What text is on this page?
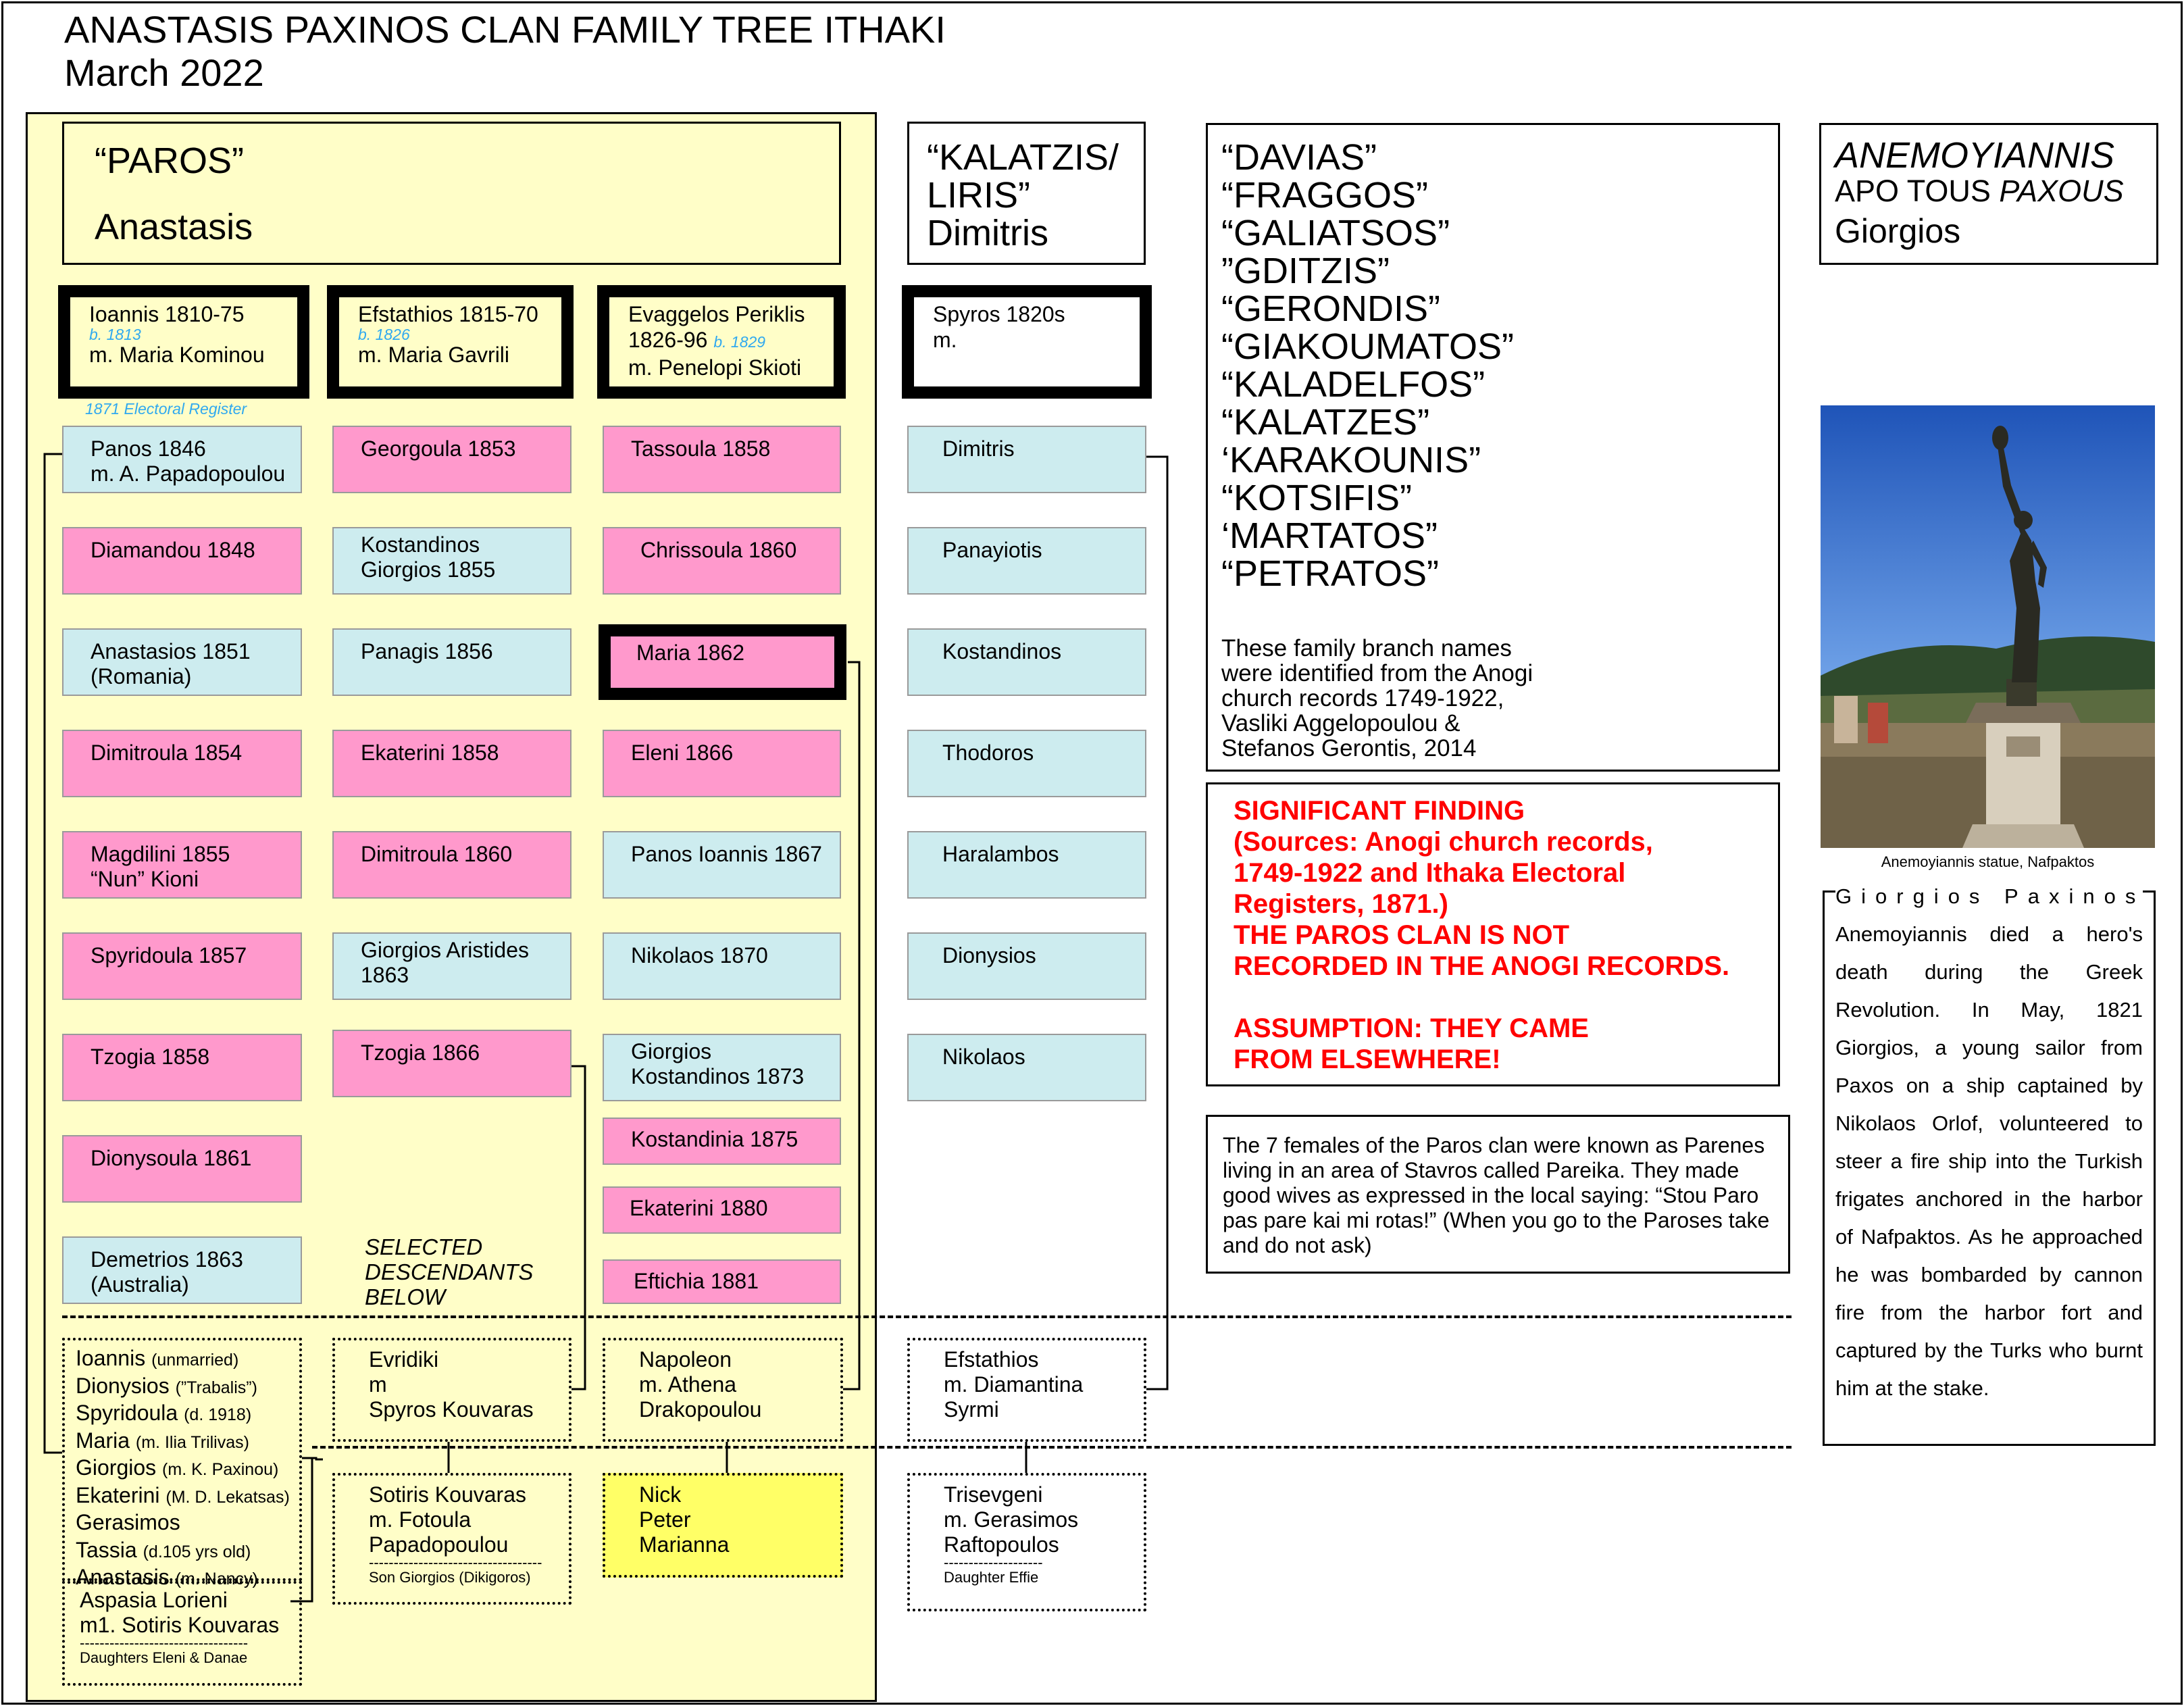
ANASTASIS PAXINOS CLAN FAMILY TREE ITHAKI
March 2022
“PAROS”
Anastasis
“KALATZIS/
LIRIS”
Dimitris
“DAVIAS”
“FRAGGOS”
“GALIATSOS”
”GDITZIS”
“GERONDIS”
“GIAKOUMATOS”
“KALADELFOS”
“KALATZES”
‘KARAKOUNIS”
“KOTSIFIS”
‘MARTATOS”
“PETRATOS”
These family branch names
were identified from the Anogi
church records 1749-1922,
Vasliki Aggelopoulou &
Stefanos Gerontis, 2014
ANEMOYIANNIS
APO TOUS PAXOUS
Giorgios
Ioannis 1810-75
b. 1813
m. Maria Kominou
Efstathios 1815-70
b. 1826
m. Maria Gavrili
Evaggelos Periklis
1826-96 b. 1829
m. Penelopi Skioti
Spyros 1820s
m.
1871 Electoral Register
Panos 1846
m. A. Papadopoulou
Diamandou 1848
Anastasios 1851
(Romania)
Dimitroula 1854
Magdilini 1855
“Nun” Kioni
Spyridoula 1857
Tzogia 1858
Dionysoula 1861
Demetrios 1863
(Australia)
Georgoula 1853
Kostandinos
Giorgios 1855
Panagis 1856
Ekaterini 1858
Dimitroula 1860
Giorgios Aristides
1863
Tzogia 1866
Tassoula 1858
Chrissoula 1860
Maria 1862
Eleni 1866
Panos Ioannis 1867
Nikolaos 1870
Giorgios
Kostandinos 1873
Kostandinia 1875
Ekaterini 1880
Eftichia 1881
Dimitris
Panayiotis
Kostandinos
Thodoros
Haralambos
Dionysios
Nikolaos
SELECTED
DESCENDANTS
BELOW
Ioannis (unmarried)
Dionysios (”Trabalis”)
Spyridoula (d. 1918)
Maria (m. Ilia Trilivas)
Giorgios (m. K. Paxinou)
Ekaterini (M. D. Lekatsas)
Gerasimos
Tassia (d.105 yrs old)
Anastasis (m. Nancy)
Aspasia Lorieni
m1. Sotiris Kouvaras
----------------------------------
Daughters Eleni & Danae
Evridiki
m
Spyros Kouvaras
Napoleon
m. Athena
Drakopoulou
Efstathios
m. Diamantina
Syrmi
Sotiris Kouvaras
m. Fotoula
Papadopoulou
-----------------------------------
Son Giorgios (Dikigoros)
Nick
Peter
Marianna
Trisevgeni
m. Gerasimos
Raftopoulos
--------------------
Daughter Effie
SIGNIFICANT FINDING
(Sources: Anogi church records,
1749-1922 and Ithaka Electoral
Registers, 1871.)
THE PAROS CLAN IS NOT
RECORDED IN THE ANOGI RECORDS.
ASSUMPTION: THEY CAME
FROM ELSEWHERE!
The 7 females of the Paros clan were known as Parenes living in an area of Stavros called Pareika. They made good wives as expressed in the local saying: “Stou Paro pas pare kai mi rotas!” (When you go to the Paroses take and do not ask)
Anemoyiannis statue, Nafpaktos
Giorgios Paxinos
Anemoyiannis died a hero's death during the Greek Revolution. In May, 1821 Giorgios, a young sailor from Paxos on a ship captained by Nikolaos Orlof, volunteered to steer a fire ship into the Turkish frigates anchored in the harbor of Nafpaktos. As he approached he was bombarded by cannon fire from the harbor fort and captured by the Turks who burnt him at the stake.
